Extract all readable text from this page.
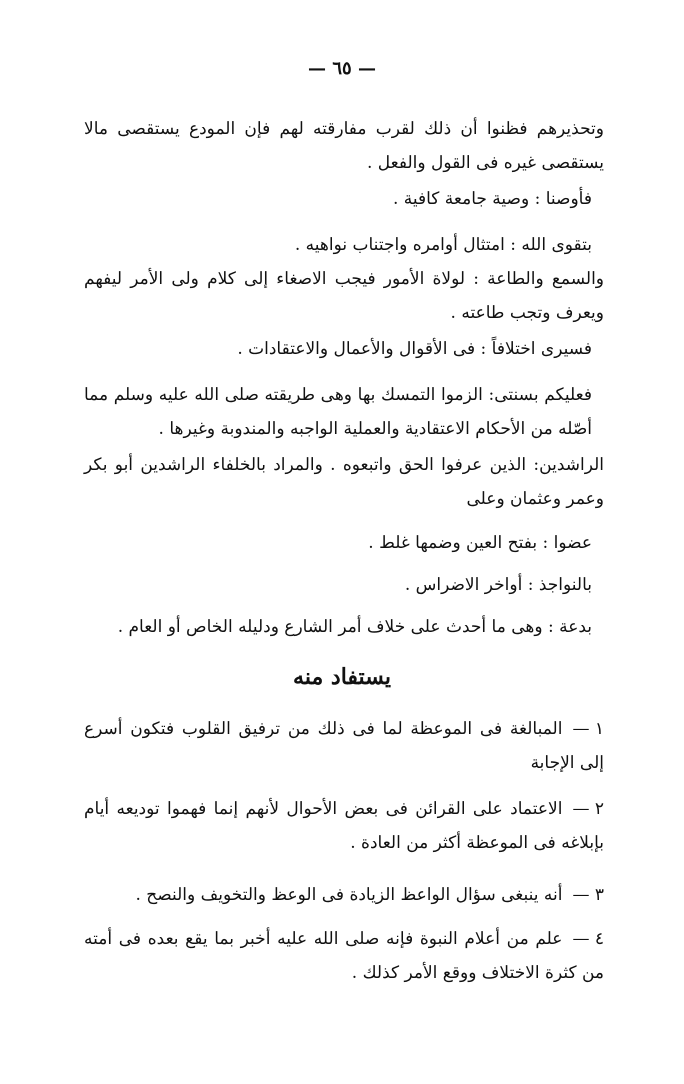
— ٦٥ —
وتحذيرهم فظنوا أن ذلك لقرب مفارقته لهم فإن المودع يستقصى مالا يستقصى غيره فى القول والفعل .
فأوصنا : وصية جامعة كافية .
بتقوى الله : امتثال أوامره واجتناب نواهيه .
والسمع والطاعة : لولاة الأمور فيجب الاصغاء إلى كلام ولى الأمر ليفهم ويعرف وتجب طاعته .
فسيرى اختلافاً : فى الأقوال والأعمال والاعتقادات .
فعليكم بسنتى: الزموا التمسك بها وهى طريقته صلى الله عليه وسلم مما أصّله من الأحكام الاعتقادية والعملية الواجبه والمندوبة وغيرها .
الراشدين: الذين عرفوا الحق واتبعوه . والمراد بالخلفاء الراشدين أبو بكر وعمر وعثمان وعلى
عضوا : بفتح العين وضمها غلط .
بالنواجذ : أواخر الاضراس .
بدعة : وهى ما أحدث على خلاف أمر الشارع ودليله الخاص أو العام .
يستفاد منه
١ —المبالغة فى الموعظة لما فى ذلك من ترفيق القلوب فتكون أسرع إلى الإجابة
٢ —الاعتماد على القرائن فى بعض الأحوال لأنهم إنما فهموا توديعه أيام بإبلاغه فى الموعظة أكثر من العادة .
٣ —أنه ينبغى سؤال الواعظ الزيادة فى الوعظ والتخويف والنصح .
٤ —علم من أعلام النبوة فإنه صلى الله عليه أخبر بما يقع بعده فى أمته من كثرة الاختلاف ووقع الأمر كذلك .
